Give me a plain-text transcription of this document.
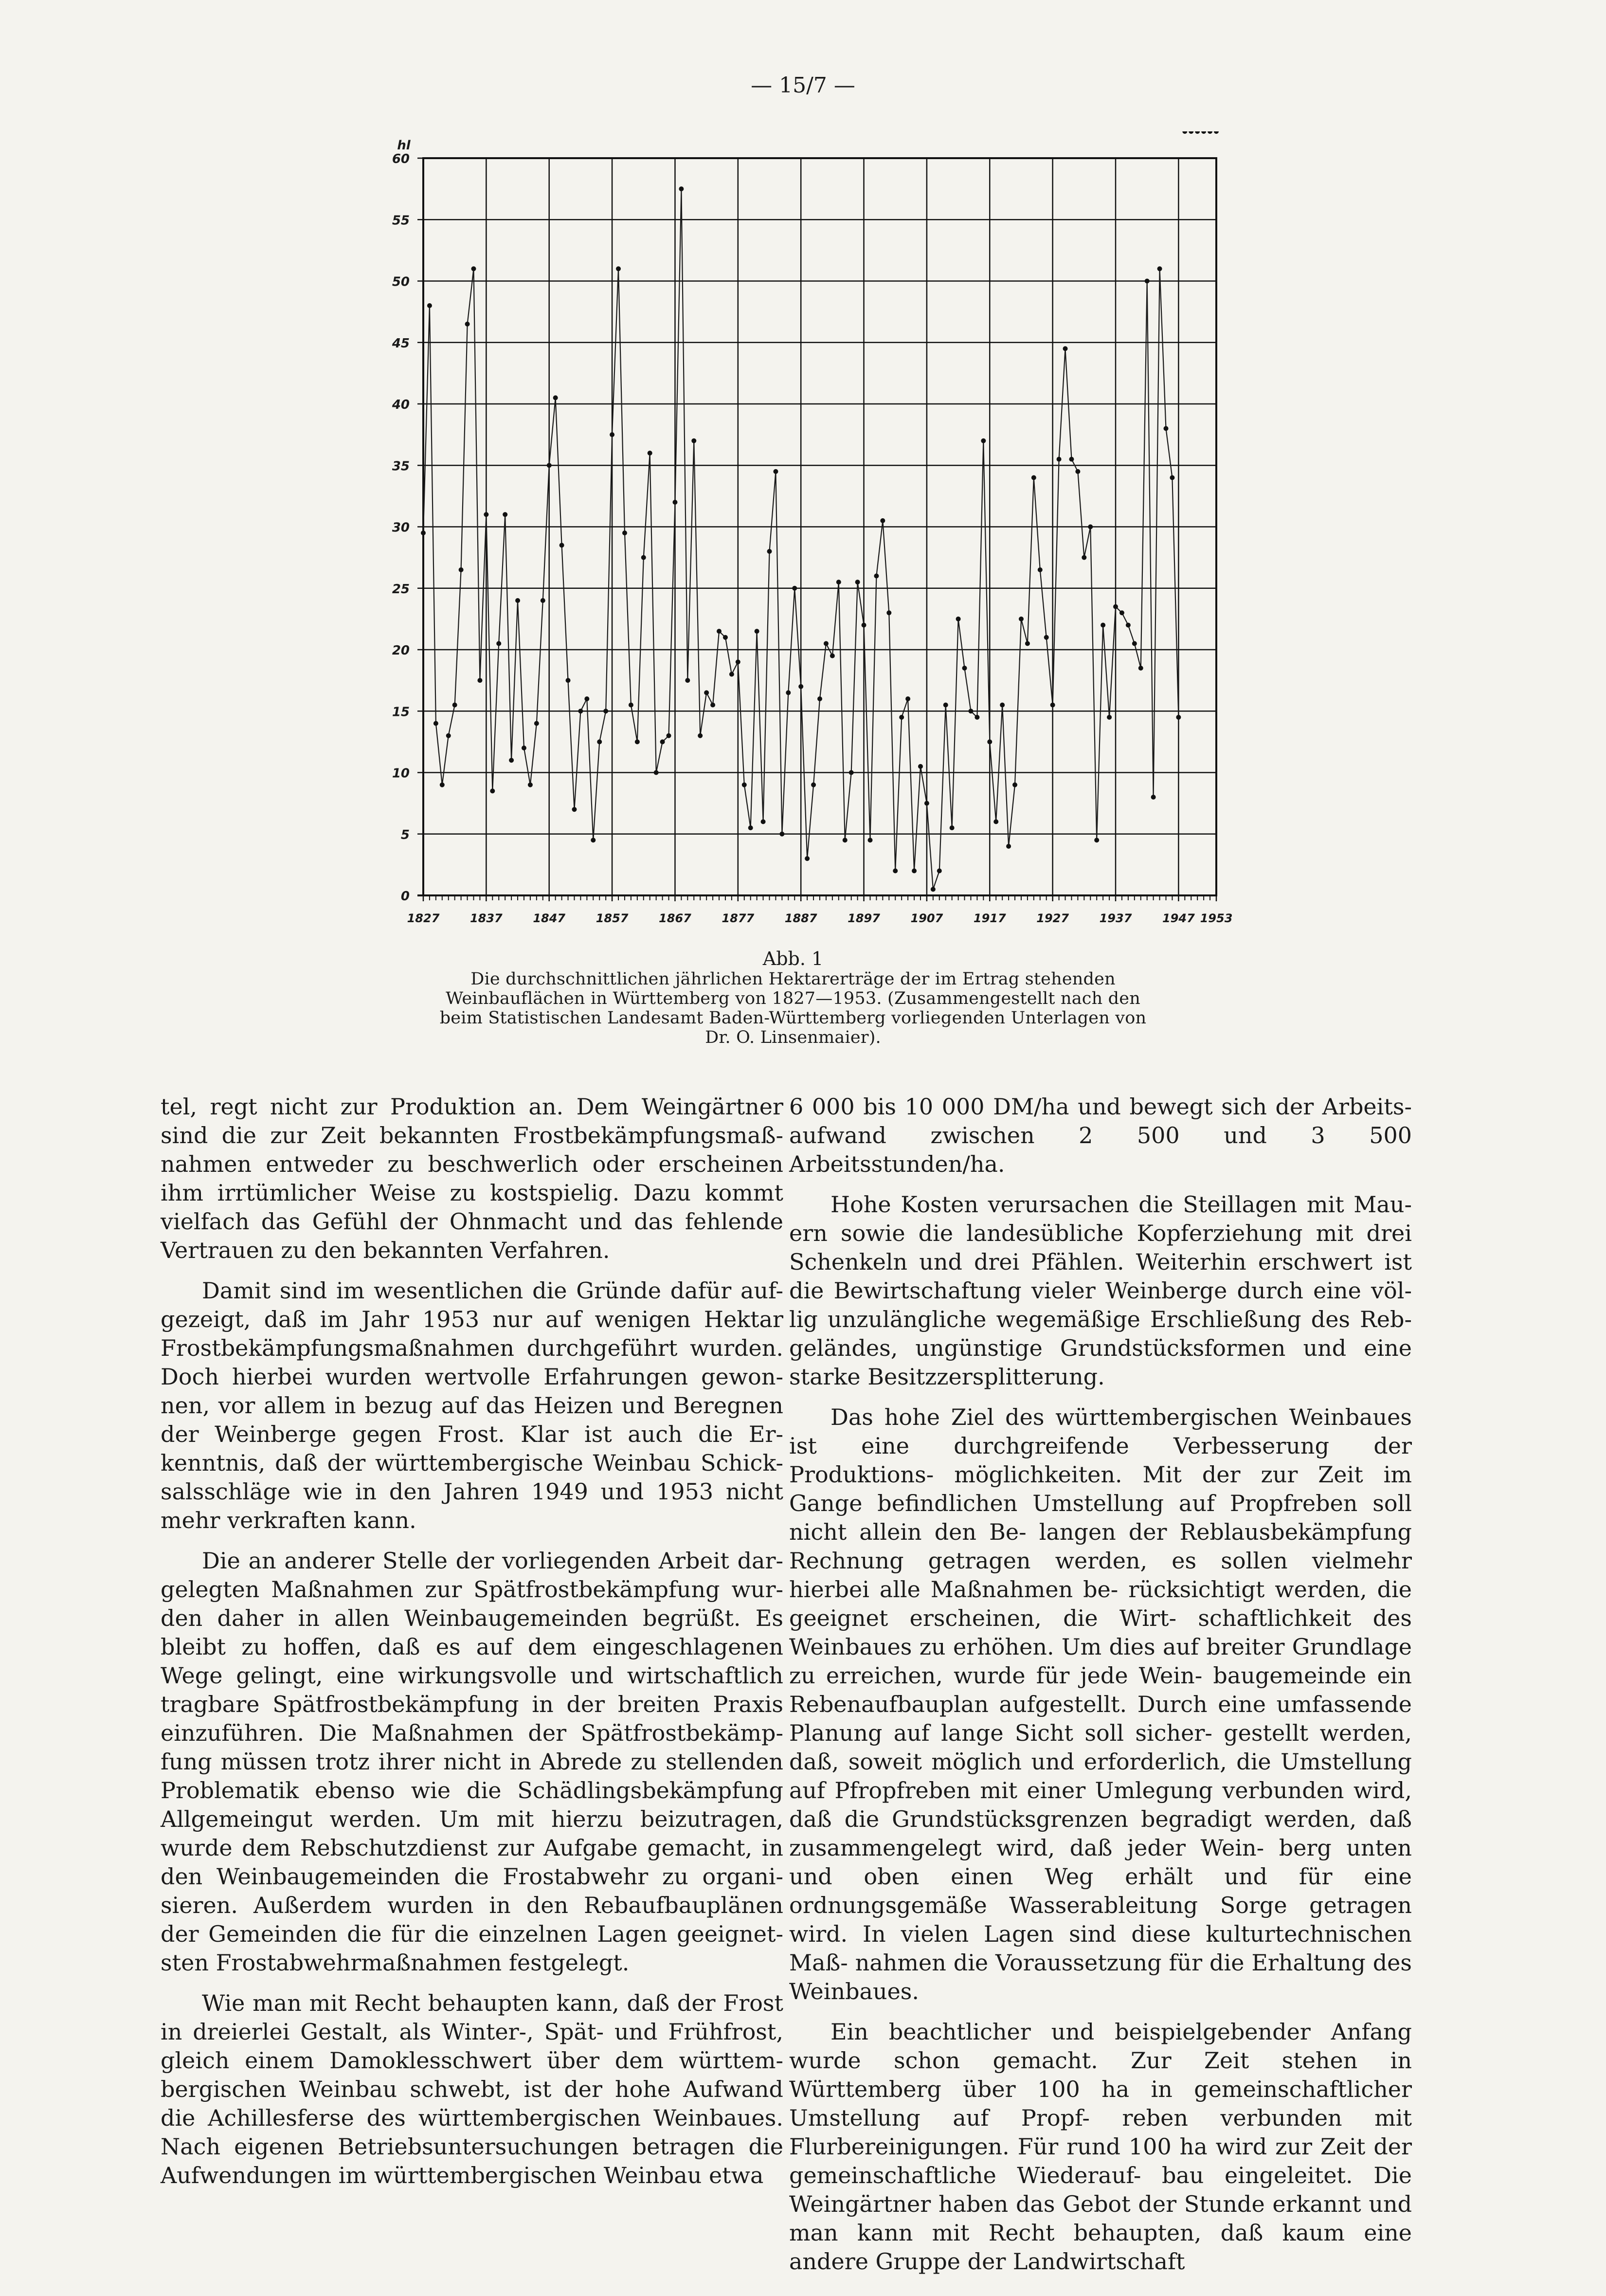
— 15/7 —
0
5
10
15
20
25
30
35
40
45
50
55
60
1827	1837	1847	1857	1867	1877	1887	1897	1907	1917	1927	1937	1947 1953
hl
Abb. 1
Die durchschnittlichen jährlichen Hektarerträge der im Ertrag stehenden Weinbauflächen in Württemberg von 1827—1953. (Zusammengestellt nach den beim Statistischen Landesamt Baden-Württemberg vorliegenden Unterlagen von Dr. O. Linsenmaier).

tel, regt nicht zur Produktion an. Dem Weingärtner sind die zur Zeit bekannten Frostbekämpfungsmaß- nahmen entweder zu beschwerlich oder erscheinen ihm irrtümlicher Weise zu kostspielig. Dazu kommt vielfach das Gefühl der Ohnmacht und das fehlende Vertrauen zu den bekannten Verfahren.

Damit sind im wesentlichen die Gründe dafür auf- gezeigt, daß im Jahr 1953 nur auf wenigen Hektar Frostbekämpfungsmaßnahmen durchgeführt wurden. Doch hierbei wurden wertvolle Erfahrungen gewon- nen, vor allem in bezug auf das Heizen und Beregnen der Weinberge gegen Frost. Klar ist auch die Er- kenntnis, daß der württembergische Weinbau Schick- salsschläge wie in den Jahren 1949 und 1953 nicht mehr verkraften kann.

Die an anderer Stelle der vorliegenden Arbeit dar- gelegten Maßnahmen zur Spätfrostbekämpfung wur- den daher in allen Weinbaugemeinden begrüßt. Es bleibt zu hoffen, daß es auf dem eingeschlagenen Wege gelingt, eine wirkungsvolle und wirtschaftlich tragbare Spätfrostbekämpfung in der breiten Praxis einzuführen. Die Maßnahmen der Spätfrostbekämp- fung müssen trotz ihrer nicht in Abrede zu stellenden Problematik ebenso wie die Schädlingsbekämpfung Allgemeingut werden. Um mit hierzu beizutragen, wurde dem Rebschutzdienst zur Aufgabe gemacht, in den Weinbaugemeinden die Frostabwehr zu organi- sieren. Außerdem wurden in den Rebaufbauplänen der Gemeinden die für die einzelnen Lagen geeignet- sten Frostabwehrmaßnahmen festgelegt.

Wie man mit Recht behaupten kann, daß der Frost in dreierlei Gestalt, als Winter-, Spät- und Frühfrost, gleich einem Damoklesschwert über dem württem- bergischen Weinbau schwebt, ist der hohe Aufwand die Achillesferse des württembergischen Weinbaues. Nach eigenen Betriebsuntersuchungen betragen die Aufwendungen im württembergischen Weinbau etwa

6 000 bis 10 000 DM/ha und bewegt sich der Arbeits- aufwand zwischen 2 500 und 3 500 Arbeitsstunden/ha.

Hohe Kosten verursachen die Steillagen mit Mau- ern sowie die landesübliche Kopferziehung mit drei Schenkeln und drei Pfählen. Weiterhin erschwert ist die Bewirtschaftung vieler Weinberge durch eine völ- lig unzulängliche wegemäßige Erschließung des Reb- geländes, ungünstige Grundstücksformen und eine starke Besitzzersplitterung.

Das hohe Ziel des württembergischen Weinbaues ist eine durchgreifende Verbesserung der Produktions- möglichkeiten. Mit der zur Zeit im Gange befindlichen Umstellung auf Propfreben soll nicht allein den Be- langen der Reblausbekämpfung Rechnung getragen werden, es sollen vielmehr hierbei alle Maßnahmen be- rücksichtigt werden, die geeignet erscheinen, die Wirt- schaftlichkeit des Weinbaues zu erhöhen. Um dies auf breiter Grundlage zu erreichen, wurde für jede Wein- baugemeinde ein Rebenaufbauplan aufgestellt. Durch eine umfassende Planung auf lange Sicht soll sicher- gestellt werden, daß, soweit möglich und erforderlich, die Umstellung auf Pfropfreben mit einer Umlegung verbunden wird, daß die Grundstücksgrenzen begradigt werden, daß zusammengelegt wird, daß jeder Wein- berg unten und oben einen Weg erhält und für eine ordnungsgemäße Wasserableitung Sorge getragen wird. In vielen Lagen sind diese kulturtechnischen Maß- nahmen die Voraussetzung für die Erhaltung des Weinbaues.

Ein beachtlicher und beispielgebender Anfang wurde schon gemacht. Zur Zeit stehen in Württemberg über 100 ha in gemeinschaftlicher Umstellung auf Propf- reben verbunden mit Flurbereinigungen. Für rund 100 ha wird zur Zeit der gemeinschaftliche Wiederauf- bau eingeleitet. Die Weingärtner haben das Gebot der Stunde erkannt und man kann mit Recht behaupten, daß kaum eine andere Gruppe der Landwirtschaft
